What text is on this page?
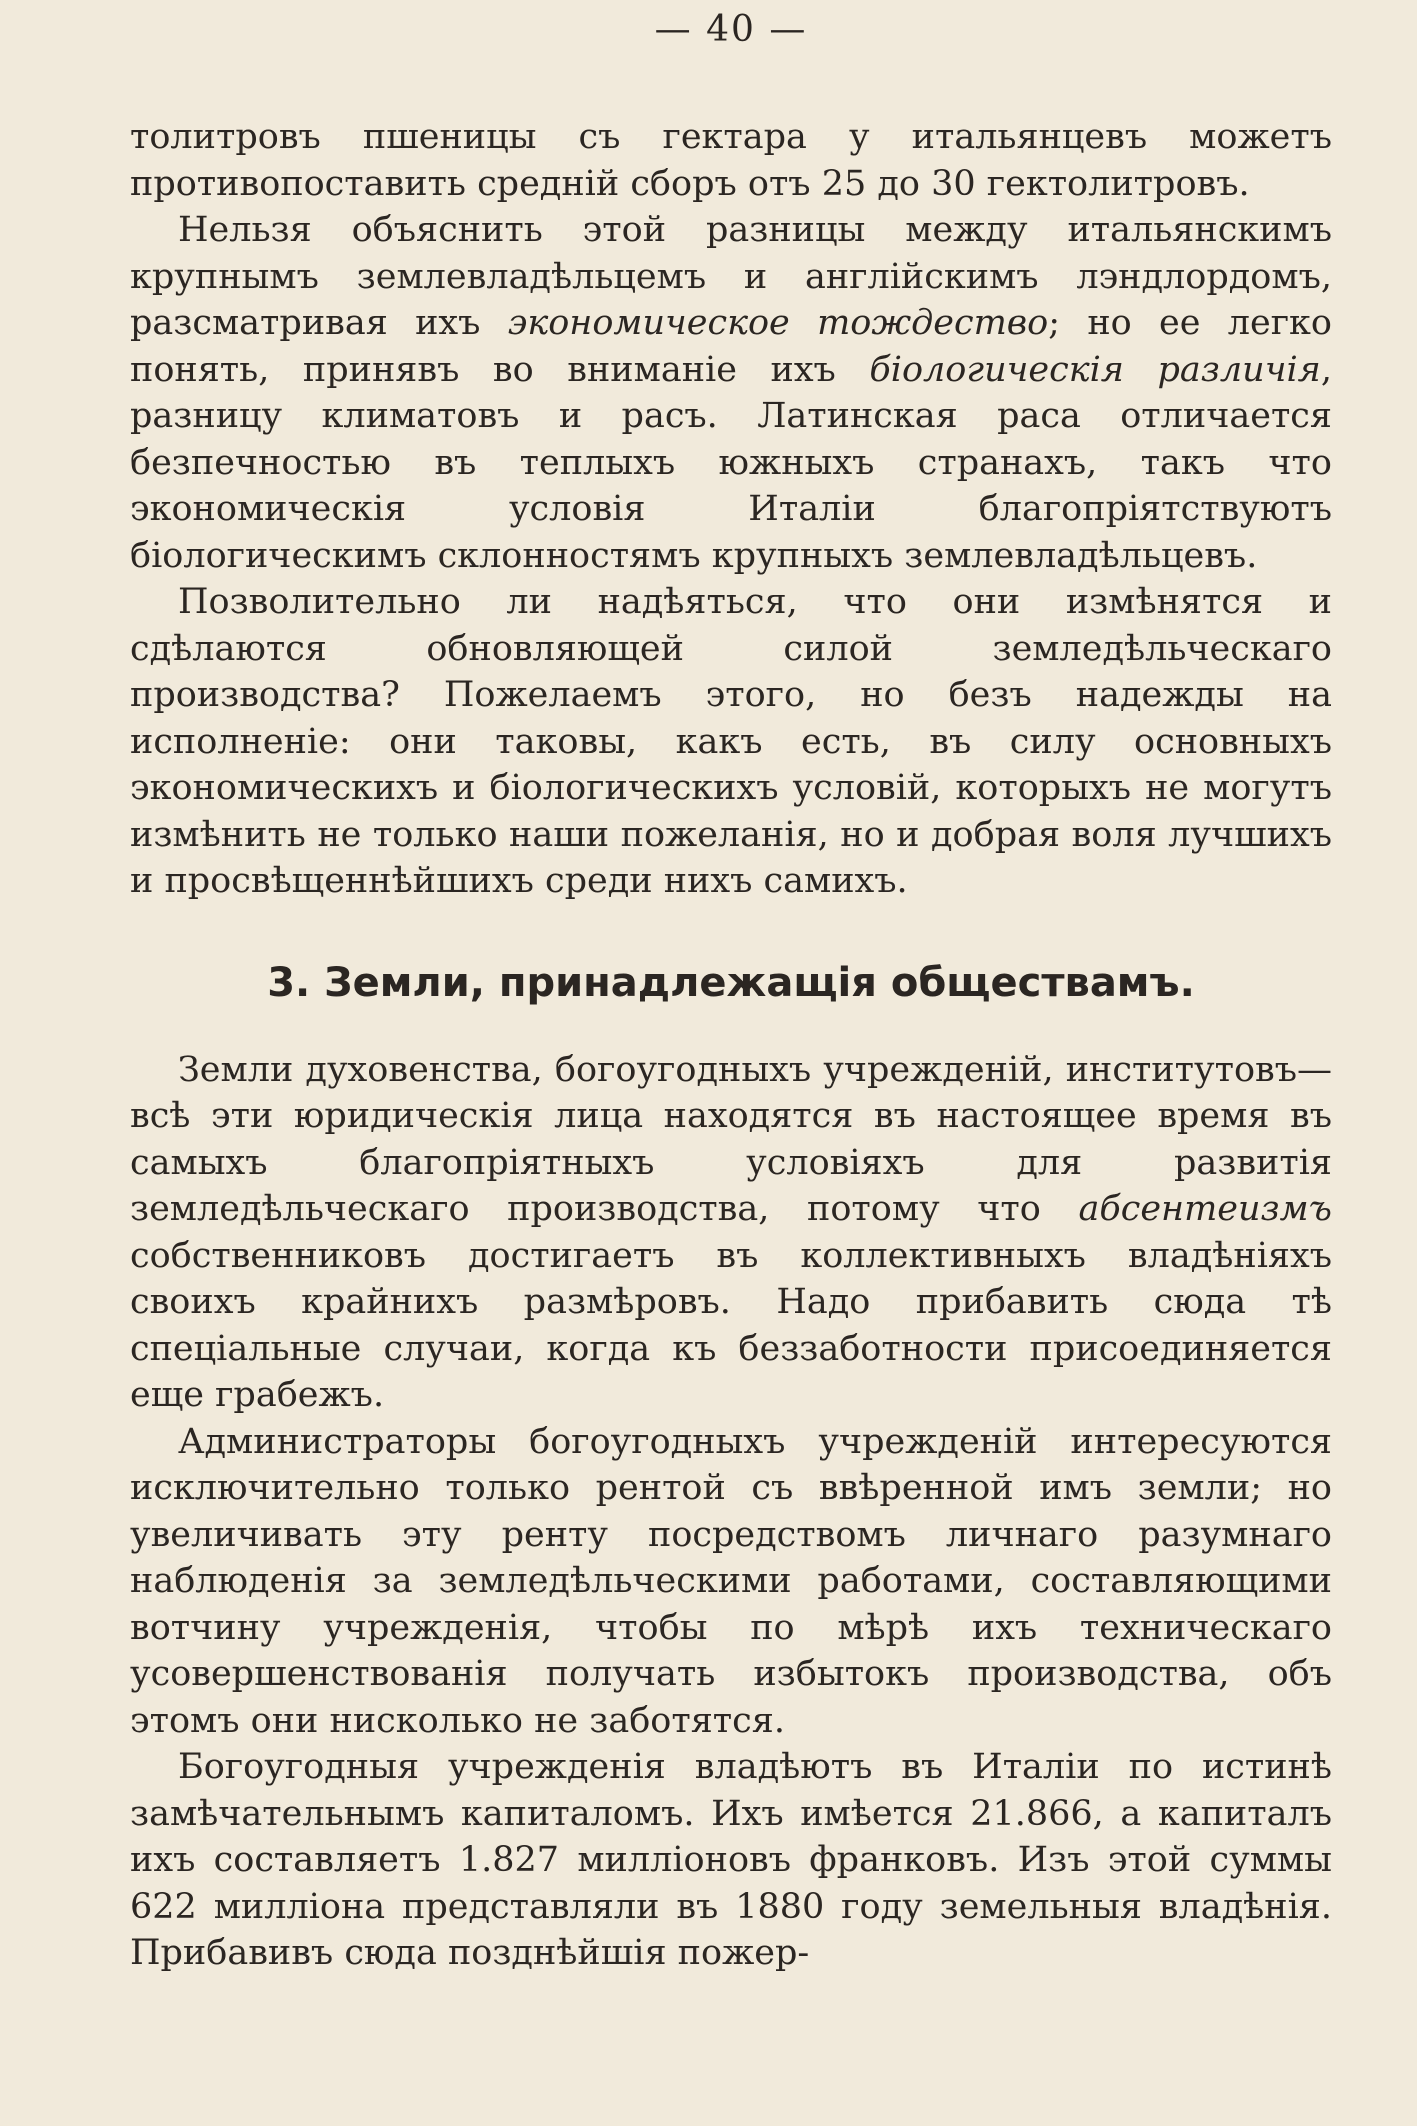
— 40 —

толитровъ пшеницы съ гектара у итальянцевъ можетъ противопоставить средній сборъ отъ 25 до 30 гектолитровъ.

Нельзя объяснить этой разницы между итальянскимъ крупнымъ землевладѣльцемъ и англійскимъ лэндлордомъ, разсматривая ихъ экономическое тождество; но ее легко понять, принявъ во вниманіе ихъ біологическія различія, разницу климатовъ и расъ. Латинская раса отличается безпечностью въ теплыхъ южныхъ странахъ, такъ что экономическія условія Италіи благопріятствуютъ біологическимъ склонностямъ крупныхъ землевладѣльцевъ.

Позволительно ли надѣяться, что они измѣнятся и сдѣлаются обновляющей силой земледѣльческаго производства? Пожелаемъ этого, но безъ надежды на исполненіе: они таковы, какъ есть, въ силу основныхъ экономическихъ и біологическихъ условій, которыхъ не могутъ измѣнить не только наши пожеланія, но и добрая воля лучшихъ и просвѣщеннѣйшихъ среди нихъ самихъ.

3. Земли, принадлежащія обществамъ.

Земли духовенства, богоугодныхъ учрежденій, институтовъ—всѣ эти юридическія лица находятся въ настоящее время въ самыхъ благопріятныхъ условіяхъ для развитія земледѣльческаго производства, потому что абсентеизмъ собственниковъ достигаетъ въ коллективныхъ владѣніяхъ своихъ крайнихъ размѣровъ. Надо прибавить сюда тѣ спеціальные случаи, когда къ беззаботности присоединяется еще грабежъ.

Администраторы богоугодныхъ учрежденій интересуются исключительно только рентой съ ввѣренной имъ земли; но увеличивать эту ренту посредствомъ личнаго разумнаго наблюденія за земледѣльческими работами, составляющими вотчину учрежденія, чтобы по мѣрѣ ихъ техническаго усовершенствованія получать избытокъ производства, объ этомъ они нисколько не заботятся.

Богоугодныя учрежденія владѣютъ въ Италіи по истинѣ замѣчательнымъ капиталомъ. Ихъ имѣется 21.866, а капиталъ ихъ составляетъ 1.827 милліоновъ франковъ. Изъ этой суммы 622 милліона представляли въ 1880 году земельныя владѣнія. Прибавивъ сюда позднѣйшія пожер-
